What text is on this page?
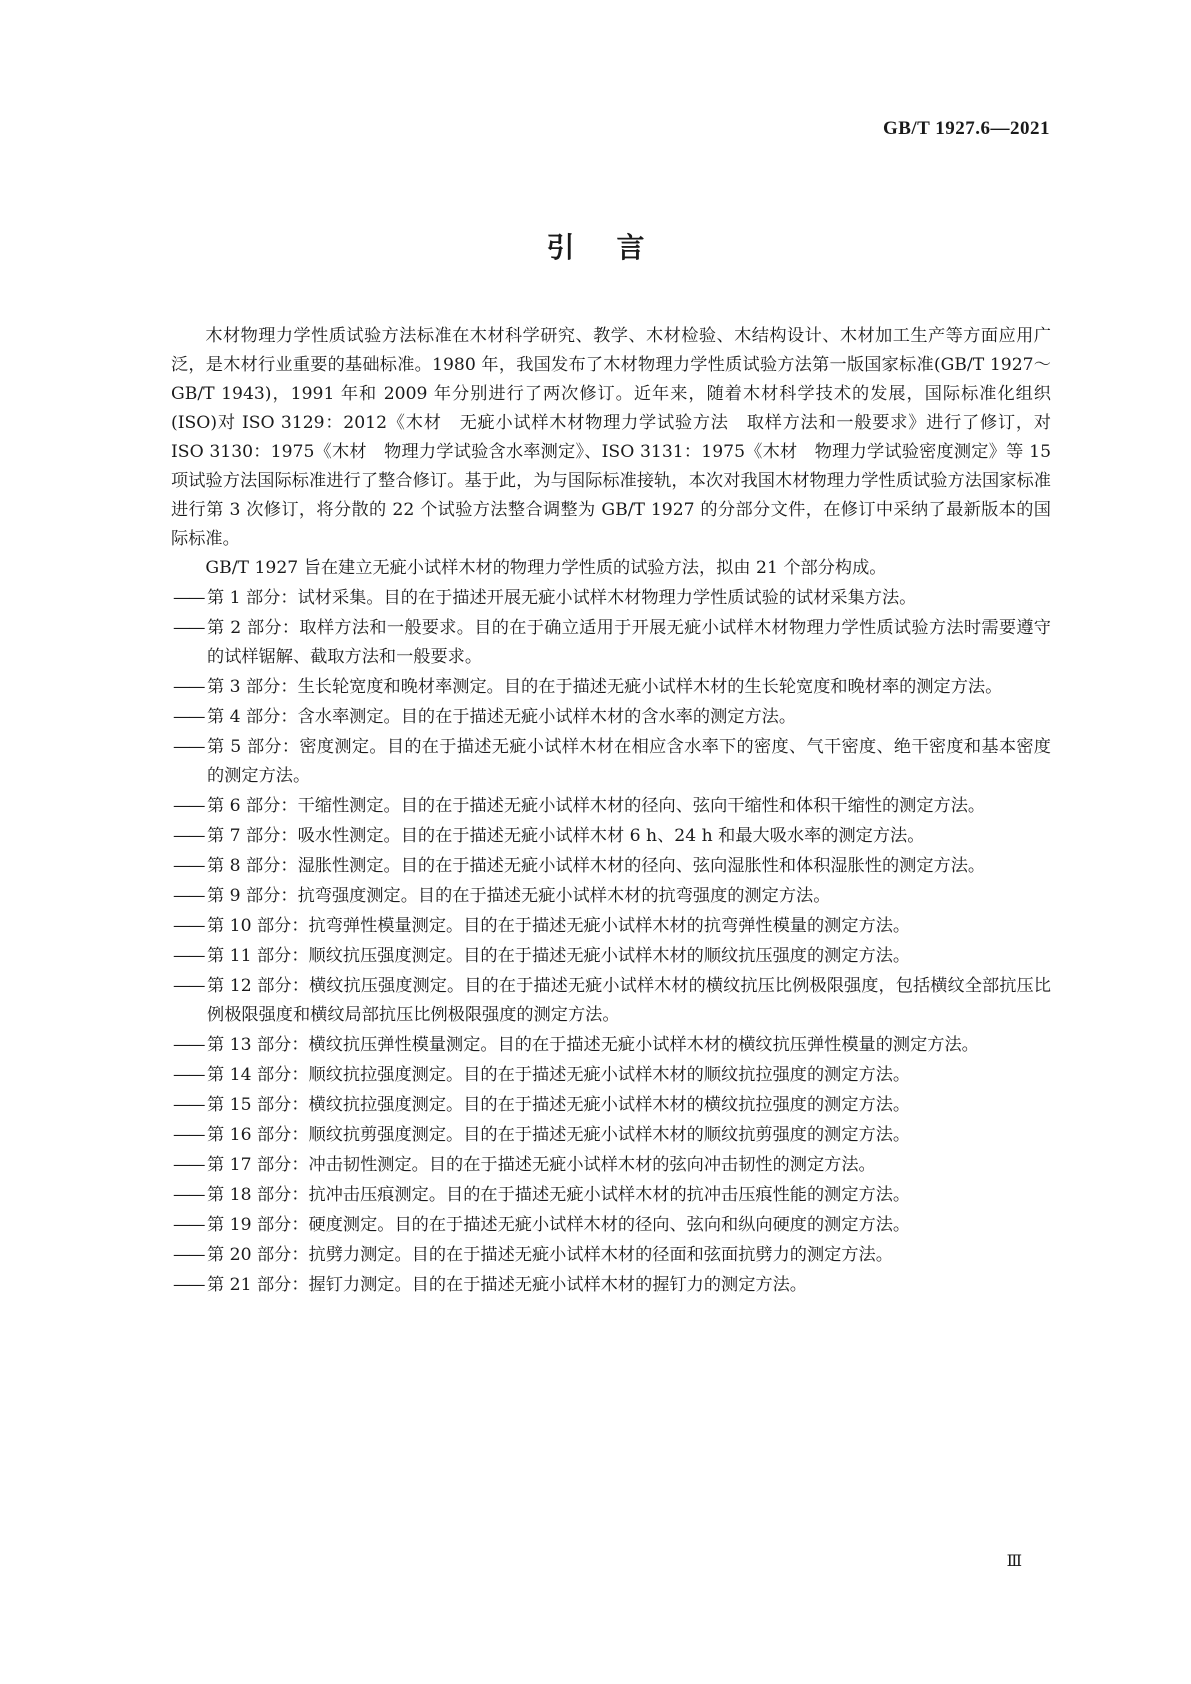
GB/T 1927.6—2021
引言

木材物理力学性质试验方法标准在木材科学研究、教学、木材检验、木结构设计、木材加工生产等方面应用广泛，是木材行业重要的基础标准。1980 年，我国发布了木材物理力学性质试验方法第一版国家标准(GB/T 1927～GB/T 1943)，1991 年和 2009 年分别进行了两次修订。近年来，随着木材科学技术的发展，国际标准化组织(ISO)对 ISO 3129：2012《木材　无疵小试样木材物理力学试验方法　取样方法和一般要求》进行了修订，对 ISO 3130：1975《木材　物理力学试验含水率测定》、ISO 3131：1975《木材　物理力学试验密度测定》等 15 项试验方法国际标准进行了整合修订。基于此，为与国际标准接轨，本次对我国木材物理力学性质试验方法国家标准进行第 3 次修订，将分散的 22 个试验方法整合调整为 GB/T 1927 的分部分文件，在修订中采纳了最新版本的国际标准。

GB/T 1927 旨在建立无疵小试样木材的物理力学性质的试验方法，拟由 21 个部分构成。

—— 第 1 部分：试材采集。目的在于描述开展无疵小试样木材物理力学性质试验的试材采集方法。
—— 第 2 部分：取样方法和一般要求。目的在于确立适用于开展无疵小试样木材物理力学性质试验方法时需要遵守的试样锯解、截取方法和一般要求。
—— 第 3 部分：生长轮宽度和晚材率测定。目的在于描述无疵小试样木材的生长轮宽度和晚材率的测定方法。
—— 第 4 部分：含水率测定。目的在于描述无疵小试样木材的含水率的测定方法。
—— 第 5 部分：密度测定。目的在于描述无疵小试样木材在相应含水率下的密度、气干密度、绝干密度和基本密度的测定方法。
—— 第 6 部分：干缩性测定。目的在于描述无疵小试样木材的径向、弦向干缩性和体积干缩性的测定方法。
—— 第 7 部分：吸水性测定。目的在于描述无疵小试样木材 6 h、24 h 和最大吸水率的测定方法。
—— 第 8 部分：湿胀性测定。目的在于描述无疵小试样木材的径向、弦向湿胀性和体积湿胀性的测定方法。
—— 第 9 部分：抗弯强度测定。目的在于描述无疵小试样木材的抗弯强度的测定方法。
—— 第 10 部分：抗弯弹性模量测定。目的在于描述无疵小试样木材的抗弯弹性模量的测定方法。
—— 第 11 部分：顺纹抗压强度测定。目的在于描述无疵小试样木材的顺纹抗压强度的测定方法。
—— 第 12 部分：横纹抗压强度测定。目的在于描述无疵小试样木材的横纹抗压比例极限强度，包括横纹全部抗压比例极限强度和横纹局部抗压比例极限强度的测定方法。
—— 第 13 部分：横纹抗压弹性模量测定。目的在于描述无疵小试样木材的横纹抗压弹性模量的测定方法。
—— 第 14 部分：顺纹抗拉强度测定。目的在于描述无疵小试样木材的顺纹抗拉强度的测定方法。
—— 第 15 部分：横纹抗拉强度测定。目的在于描述无疵小试样木材的横纹抗拉强度的测定方法。
—— 第 16 部分：顺纹抗剪强度测定。目的在于描述无疵小试样木材的顺纹抗剪强度的测定方法。
—— 第 17 部分：冲击韧性测定。目的在于描述无疵小试样木材的弦向冲击韧性的测定方法。
—— 第 18 部分：抗冲击压痕测定。目的在于描述无疵小试样木材的抗冲击压痕性能的测定方法。
—— 第 19 部分：硬度测定。目的在于描述无疵小试样木材的径向、弦向和纵向硬度的测定方法。
—— 第 20 部分：抗劈力测定。目的在于描述无疵小试样木材的径面和弦面抗劈力的测定方法。
—— 第 21 部分：握钉力测定。目的在于描述无疵小试样木材的握钉力的测定方法。
Ⅲ
